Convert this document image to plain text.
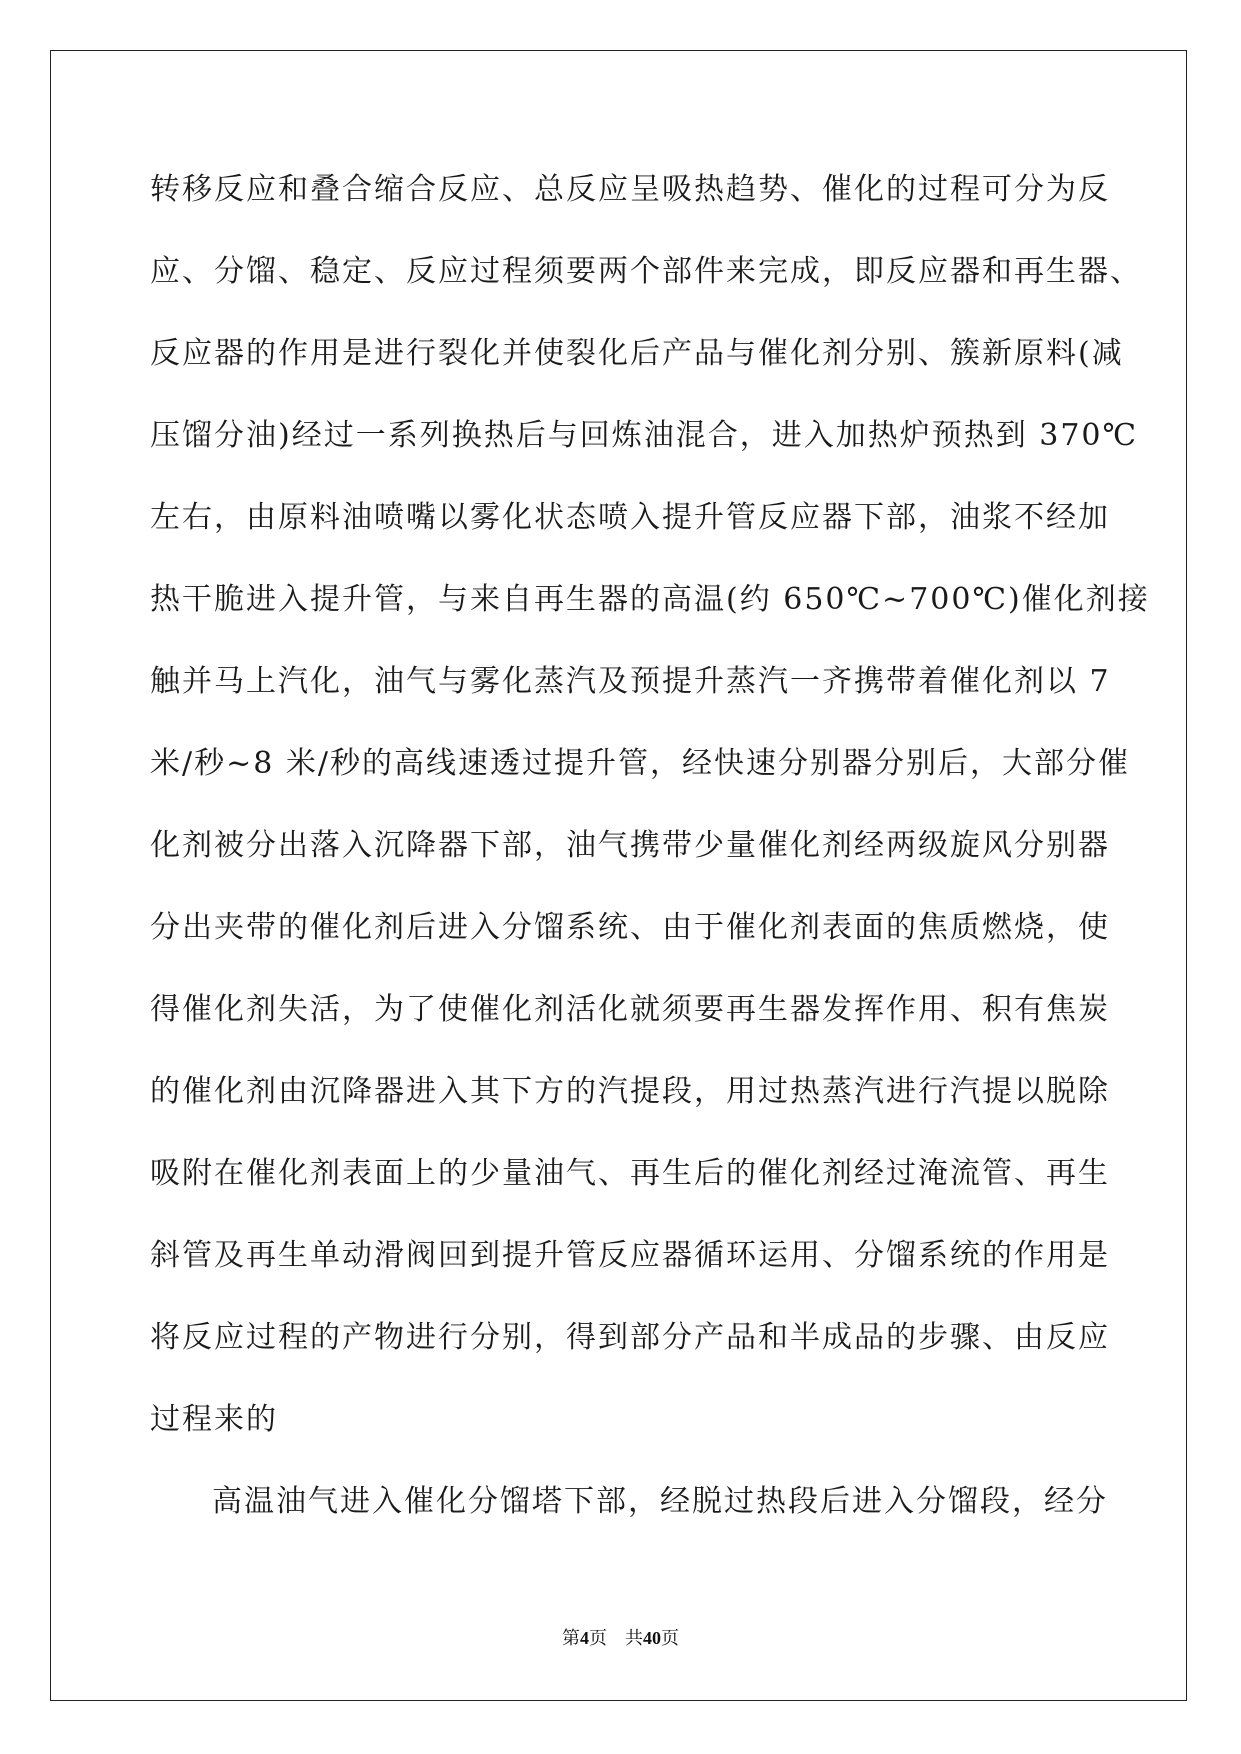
转移反应和叠合缩合反应、总反应呈吸热趋势、催化的过程可分为反
应、分馏、稳定、反应过程须要两个部件来完成，即反应器和再生器、
反应器的作用是进行裂化并使裂化后产品与催化剂分别、簇新原料(减
压馏分油)经过一系列换热后与回炼油混合，进入加热炉预热到 370℃
左右，由原料油喷嘴以雾化状态喷入提升管反应器下部，油浆不经加
热干脆进入提升管，与来自再生器的高温(约 650℃~700℃)催化剂接
触并马上汽化，油气与雾化蒸汽及预提升蒸汽一齐携带着催化剂以 7
米/秒~8 米/秒的高线速透过提升管，经快速分别器分别后，大部分催
化剂被分出落入沉降器下部，油气携带少量催化剂经两级旋风分别器
分出夹带的催化剂后进入分馏系统、由于催化剂表面的焦质燃烧，使
得催化剂失活，为了使催化剂活化就须要再生器发挥作用、积有焦炭
的催化剂由沉降器进入其下方的汽提段，用过热蒸汽进行汽提以脱除
吸附在催化剂表面上的少量油气、再生后的催化剂经过淹流管、再生
斜管及再生单动滑阀回到提升管反应器循环运用、分馏系统的作用是
将反应过程的产物进行分别，得到部分产品和半成品的步骤、由反应
过程来的
高温油气进入催化分馏塔下部，经脱过热段后进入分馏段，经分
第4页 共40页
